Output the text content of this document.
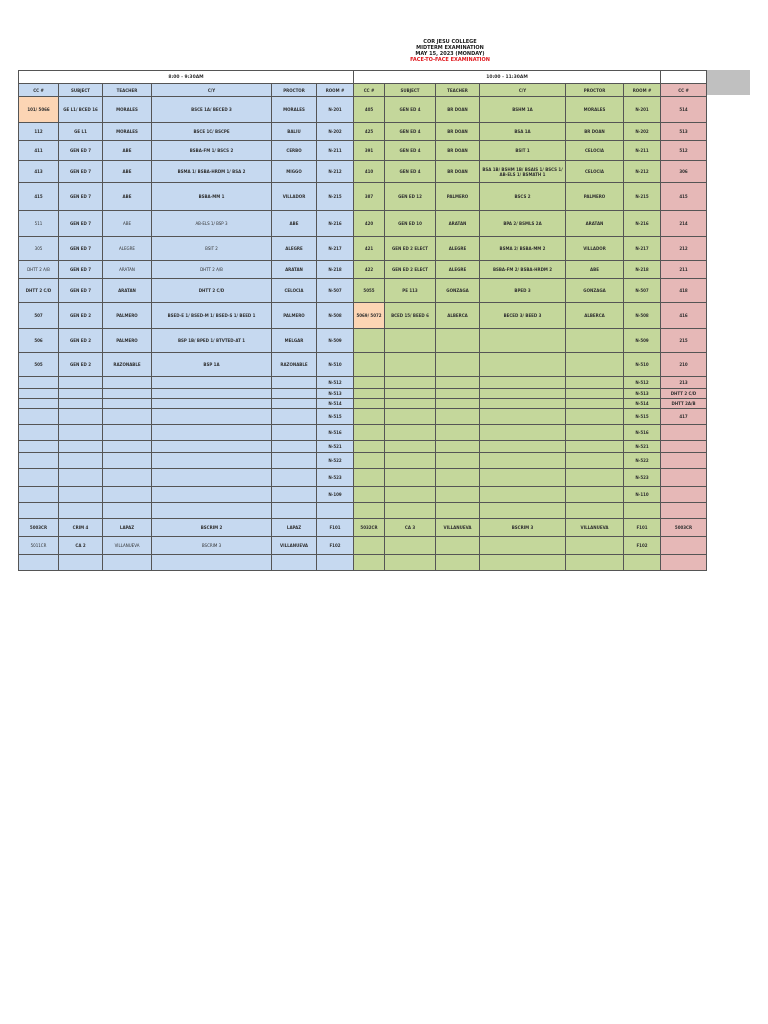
COR JESU COLLEGE
MIDTERM EXAMINATION
MAY 15, 2023 (MONDAY)
FACE-TO-FACE EXAMINATION
8:00 - 9:30AM						10:00 - 11:30AM						
CC #	SUBJECT	TEACHER	C/Y	PROCTOR	ROOM #	CC #	SUBJECT	TEACHER	C/Y	PROCTOR	ROOM #	CC #
101/ 5066	GE L1/ BCED 16	MORALES	BSCE 1A/ BECED 3	MORALES	N-201	405	GEN ED 4	BR DOAN	BSHM 1A	MORALES	N-201	514
112	GE L1	MORALES	BSCE 1C/ BSCPE	BALIU	N-202	425	GEN ED 4	BR DOAN	BSA 1A	BR DOAN	N-202	513
411	GEN ED 7	ABE	BSBA-FM 1/ BSCS 2	CERBO	N-211	391	GEN ED 4	BR DOAN	BSIT 1	CELOCIA	N-211	512
413	GEN ED 7	ABE	BSMA 1/ BSBA-HRDM 1/ BSA 2	MIGGO	N-212	410	GEN ED 4	BR DOAN	BSA 1B/ BSHM 1B/ BSAIS 1/ BSCS 1/ AB-ELS 1/ BSMATH 1	CELOCIA	N-212	306
415	GEN ED 7	ABE	BSBA-MM 1	VILLADOR	N-215	387	GEN ED 12	PALMERO	BSCS 2	PALMERO	N-215	415
511	GEN ED 7	ABE	AB-ELS 1/ BSP 3	ABE	N-216	420	GEN ED 10	ARATAN	BPA 2/ BSMLS 2A	ARATAN	N-216	214
305	GEN ED 7	ALEGRE	BSIT 2	ALEGRE	N-217	421	GEN ED 2 ELECT	ALEGRE	BSMA 2/ BSBA-MM 2	VILLADOR	N-217	212
DHTT 2 A/B	GEN ED 7	ARATAN	DHTT 2 A/B	ARATAN	N-218	422	GEN ED 2 ELECT	ALEGRE	BSBA-FM 2/ BSBA-HRDM 2	ABE	N-218	211
DHTT 2 C/D	GEN ED 7	ARATAN	DHTT 2 C/D	CELOCIA	N-507	5055	PE 113	GONZAGA	BPED 3	GONZAGA	N-507	418
507	GEN ED 2	PALMERO	BSED-E 1/ BSED-M 1/ BSED-S 1/ BEED 1	PALMERO	N-508	5069/ 5072	BCED 15/ BEED 6	ALBERCA	BECED 3/ BEED 3	ALBERCA	N-508	416
506	GEN ED 2	PALMERO	BSP 1B/ BPED 1/ BTVTED-AT 1	MELGAR	N-509						N-509	215
505	GEN ED 2	RAZONABLE	BSP 1A	RAZONABLE	N-510						N-510	210
					N-512						N-512	213
					N-513						N-513	DHTT 2 C/D
					N-514						N-514	DHTT 2A/B
					N-515						N-515	417
					N-516						N-516	
					N-521						N-521	
					N-522						N-522	
					N-523						N-523	
					N-109						N-110	

5003CR	CRIM 4	LAPAZ	BSCRIM 2	LAPAZ	F101	5032CR	CA 3	VILLANUEVA	BSCRIM 3	VILLANUEVA	F101	5003CR
5011CR	CA 2	VILLANUEVA	BSCRIM 3	VILLANUEVA	F102						F102	
